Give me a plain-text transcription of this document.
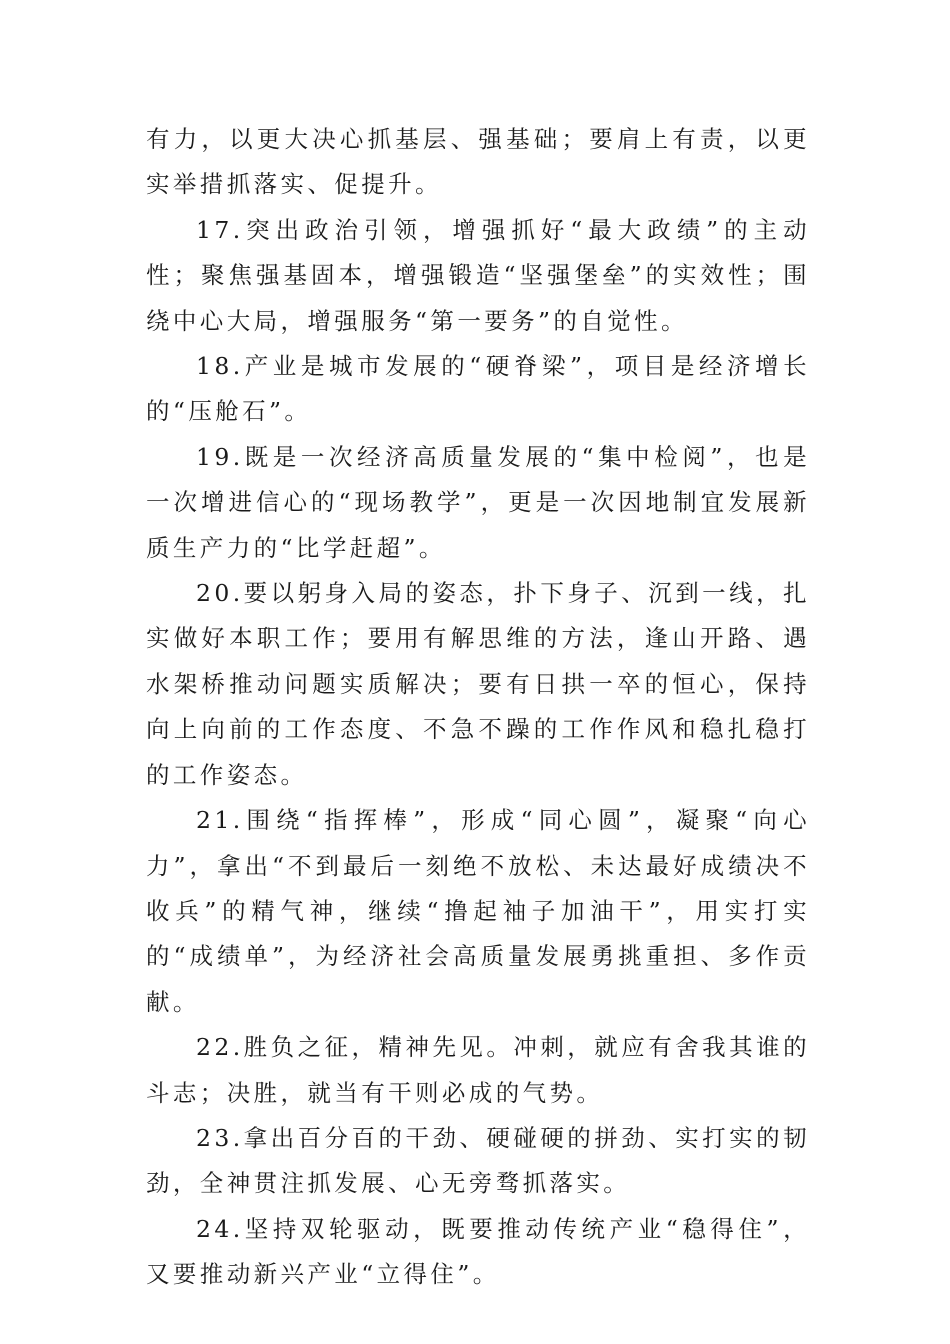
有力，以更大决心抓基层、强基础；要肩上有责，以更实举措抓落实、促提升。

17.突出政治引领，增强抓好“最大政绩”的主动性；聚焦强基固本，增强锻造“坚强堡垒”的实效性；围绕中心大局，增强服务“第一要务”的自觉性。

18.产业是城市发展的“硬脊梁”，项目是经济增长的“压舱石”。

19.既是一次经济高质量发展的“集中检阅”，也是一次增进信心的“现场教学”，更是一次因地制宜发展新质生产力的“比学赶超”。

20.要以躬身入局的姿态，扑下身子、沉到一线，扎实做好本职工作；要用有解思维的方法，逢山开路、遇水架桥推动问题实质解决；要有日拱一卒的恒心，保持向上向前的工作态度、不急不躁的工作作风和稳扎稳打的工作姿态。

21.围绕“指挥棒”，形成“同心圆”，凝聚“向心力”，拿出“不到最后一刻绝不放松、未达最好成绩决不收兵”的精气神，继续“撸起袖子加油干”，用实打实的“成绩单”，为经济社会高质量发展勇挑重担、多作贡献。

22.胜负之征，精神先见。冲刺，就应有舍我其谁的斗志；决胜，就当有干则必成的气势。

23.拿出百分百的干劲、硬碰硬的拼劲、实打实的韧劲，全神贯注抓发展、心无旁骛抓落实。

24.坚持双轮驱动，既要推动传统产业“稳得住”，又要推动新兴产业“立得住”。
